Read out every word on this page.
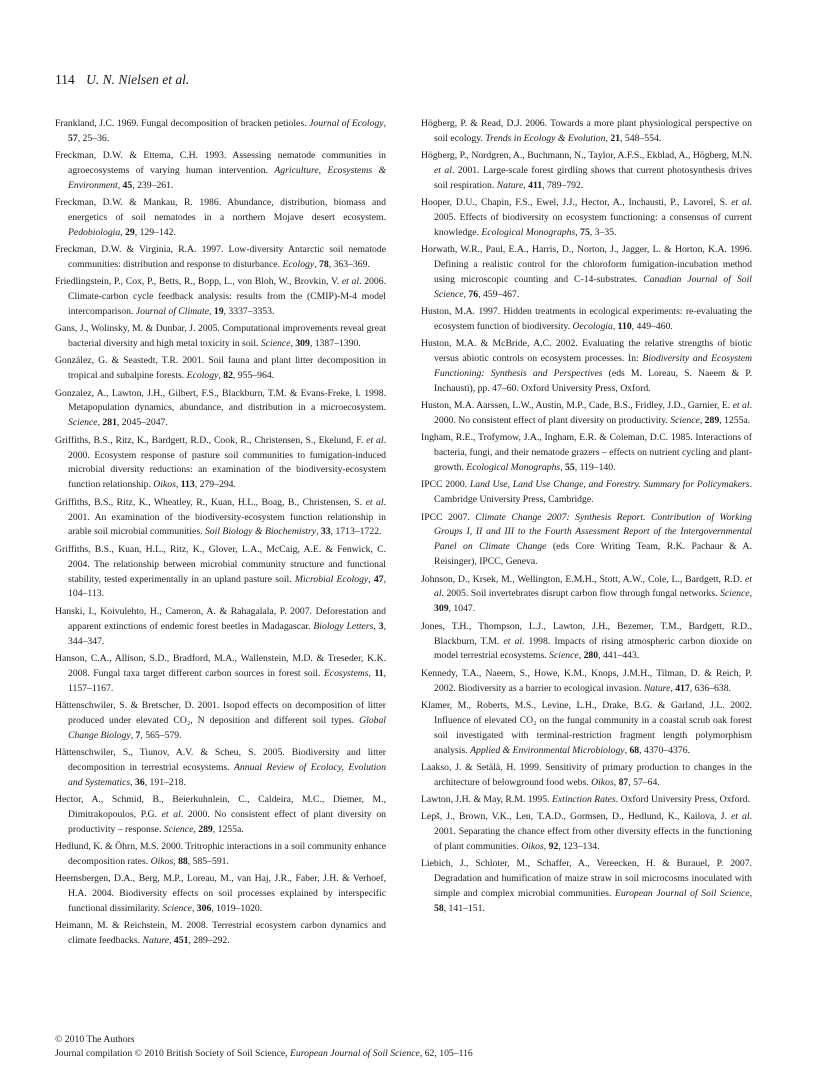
114 U. N. Nielsen et al.
Frankland, J.C. 1969. Fungal decomposition of bracken petioles. Journal of Ecology, 57, 25–36.
Freckman, D.W. & Ettema, C.H. 1993. Assessing nematode communities in agroecosystems of varying human intervention. Agriculture, Ecosystems & Environment, 45, 239–261.
Freckman, D.W. & Mankau, R. 1986. Abundance, distribution, biomass and energetics of soil nematodes in a northern Mojave desert ecosystem. Pedobiologia, 29, 129–142.
Freckman, D.W. & Virginia, R.A. 1997. Low-diversity Antarctic soil nematode communities: distribution and response to disturbance. Ecology, 78, 363–369.
Friedlingstein, P., Cox, P., Betts, R., Bopp, L., von Bloh, W., Brovkin, V. et al. 2006. Climate-carbon cycle feedback analysis: results from the (CMIP)-M-4 model intercomparison. Journal of Climate, 19, 3337–3353.
Gans, J., Wolinsky, M. & Dunbar, J. 2005. Computational improvements reveal great bacterial diversity and high metal toxicity in soil. Science, 309, 1387–1390.
González, G. & Seastedt, T.R. 2001. Soil fauna and plant litter decomposition in tropical and subalpine forests. Ecology, 82, 955–964.
Gonzalez, A., Lawton, J.H., Gilbert, F.S., Blackburn, T.M. & Evans-Freke, I. 1998. Metapopulation dynamics, abundance, and distribution in a microecosystem. Science, 281, 2045–2047.
Griffiths, B.S., Ritz, K., Bardgett, R.D., Cook, R., Christensen, S., Ekelund, F. et al. 2000. Ecosystem response of pasture soil communities to fumigation-induced microbial diversity reductions: an examination of the biodiversity-ecosystem function relationship. Oikos, 113, 279–294.
Griffiths, B.S., Ritz, K., Wheatley, R., Kuan, H.L., Boag, B., Christensen, S. et al. 2001. An examination of the biodiversity-ecosystem function relationship in arable soil microbial communities. Soil Biology & Biochemistry, 33, 1713–1722.
Griffiths, B.S., Kuan, H.L., Ritz, K., Glover, L.A., McCaig, A.E. & Fenwick, C. 2004. The relationship between microbial community structure and functional stability, tested experimentally in an upland pasture soil. Microbial Ecology, 47, 104–113.
Hanski, I., Koivulehto, H., Cameron, A. & Rahagalala, P. 2007. Deforestation and apparent extinctions of endemic forest beetles in Madagascar. Biology Letters, 3, 344–347.
Hanson, C.A., Allison, S.D., Bradford, M.A., Wallenstein, M.D. & Treseder, K.K. 2008. Fungal taxa target different carbon sources in forest soil. Ecosystems, 11, 1157–1167.
Hättenschwiler, S. & Bretscher, D. 2001. Isopod effects on decomposition of litter produced under elevated CO₂, N deposition and different soil types. Global Change Biology, 7, 565–579.
Hättenschwiler, S., Tiunov, A.V. & Scheu, S. 2005. Biodiversity and litter decomposition in terrestrial ecosystems. Annual Review of Ecolocy, Evolution and Systematics, 36, 191–218.
Hector, A., Schmid, B., Beierkuhnlein, C., Caldeira, M.C., Diemer, M., Dimitrakopoulos, P.G. et al. 2000. No consistent effect of plant diversity on productivity – response. Science, 289, 1255a.
Hedlund, K. & Öhrn, M.S. 2000. Tritrophic interactions in a soil community enhance decomposition rates. Oikos, 88, 585–591.
Heemsbergen, D.A., Berg, M.P., Loreau, M., van Haj, J.R., Faber, J.H. & Verhoef, H.A. 2004. Biodiversity effects on soil processes explained by interspecific functional dissimilarity. Science, 306, 1019–1020.
Heimann, M. & Reichstein, M. 2008. Terrestrial ecosystem carbon dynamics and climate feedbacks. Nature, 451, 289–292.
Högberg, P. & Read, D.J. 2006. Towards a more plant physiological perspective on soil ecology. Trends in Ecology & Evolution, 21, 548–554.
Högberg, P., Nordgren, A., Buchmann, N., Taylor, A.F.S., Ekblad, A., Högberg, M.N. et al. 2001. Large-scale forest girdling shows that current photosynthesis drives soil respiration. Nature, 411, 789–792.
Hooper, D.U., Chapin, F.S., Ewel, J.J., Hector, A., Inchausti, P., Lavorel, S. et al. 2005. Effects of biodiversity on ecosystem functioning: a consensus of current knowledge. Ecological Monographs, 75, 3–35.
Horwath, W.R., Paul, E.A., Harris, D., Norton, J., Jagger, L. & Horton, K.A. 1996. Defining a realistic control for the chloroform fumigation-incubation method using microscopic counting and C-14-substrates. Canadian Journal of Soil Science, 76, 459–467.
Huston, M.A. 1997. Hidden treatments in ecological experiments: re-evaluating the ecosystem function of biodiversity. Oecologia, 110, 449–460.
Huston, M.A. & McBride, A.C. 2002. Evaluating the relative strengths of biotic versus abiotic controls on ecosystem processes. In: Biodiversity and Ecosystem Functioning: Synthesis and Perspectives (eds M. Loreau, S. Naeem & P. Inchausti), pp. 47–60. Oxford University Press, Oxford.
Huston, M.A. Aarssen, L.W., Austin, M.P., Cade, B.S., Fridley, J.D., Garnier, E. et al. 2000. No consistent effect of plant diversity on productivity. Science, 289, 1255a.
Ingham, R.E., Trofymow, J.A., Ingham, E.R. & Coleman, D.C. 1985. Interactions of bacteria, fungi, and their nematode grazers – effects on nutrient cycling and plant-growth. Ecological Monographs, 55, 119–140.
IPCC 2000. Land Use, Land Use Change, and Forestry. Summary for Policymakers. Cambridge University Press, Cambridge.
IPCC 2007. Climate Change 2007: Synthesis Report. Contribution of Working Groups I, II and III to the Fourth Assessment Report of the Intergovernmental Panel on Climate Change (eds Core Writing Team, R.K. Pachaur & A. Reisinger), IPCC, Geneva.
Johnson, D., Krsek, M., Wellington, E.M.H., Stott, A.W., Cole, L., Bardgett, R.D. et al. 2005. Soil invertebrates disrupt carbon flow through fungal networks. Science, 309, 1047.
Jones, T.H., Thompson, L.J., Lawton, J.H., Bezemer, T.M., Bardgett, R.D., Blackburn, T.M. et al. 1998. Impacts of rising atmospheric carbon dioxide on model terrestrial ecosystems. Science, 280, 441–443.
Kennedy, T.A., Naeem, S., Howe, K.M., Knops, J.M.H., Tilman, D. & Reich, P. 2002. Biodiversity as a barrier to ecological invasion. Nature, 417, 636–638.
Klamer, M., Roberts, M.S., Levine, L.H., Drake, B.G. & Garland, J.L. 2002. Influence of elevated CO₂ on the fungal community in a coastal scrub oak forest soil investigated with terminal-restriction fragment length polymorphism analysis. Applied & Environmental Microbiology, 68, 4370–4376.
Laakso, J. & Setälä, H. 1999. Sensitivity of primary production to changes in the architecture of belowground food webs. Oikos, 87, 57–64.
Lawton, J.H. & May, R.M. 1995. Extinction Rates. Oxford University Press, Oxford.
Lepš, J., Brown, V.K., Len, T.A.D., Gormsen, D., Hedlund, K., Kailova, J. et al. 2001. Separating the chance effect from other diversity effects in the functioning of plant communities. Oikos, 92, 123–134.
Liebich, J., Schloter, M., Schaffer, A., Vereecken, H. & Burauel, P. 2007. Degradation and humification of maize straw in soil microcosms inoculated with simple and complex microbial communities. European Journal of Soil Science, 58, 141–151.
© 2010 The Authors
Journal compilation © 2010 British Society of Soil Science, European Journal of Soil Science, 62, 105–116
